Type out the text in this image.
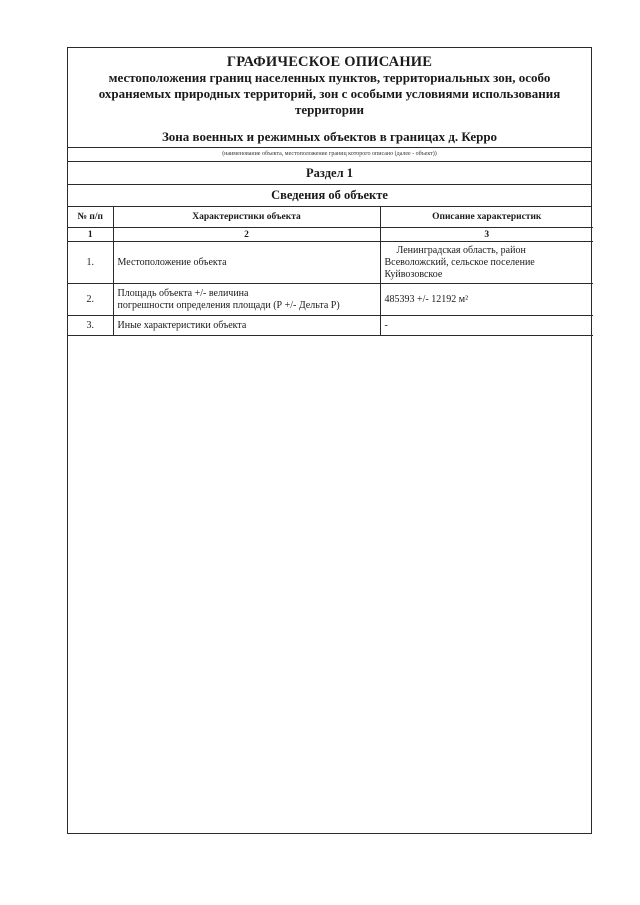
ГРАФИЧЕСКОЕ ОПИСАНИЕ
местоположения границ населенных пунктов, территориальных зон, особо
охраняемых природных территорий, зон с особыми условиями использования
территории
Зона военных и режимных объектов в границах д. Керро
(наименование объекта, местоположение границ которого описано (далее - объект))
Раздел 1
Сведения об объекте
№ п/п	Характеристики объекта	Описание характеристик
1	2	3
1.	Местоположение объекта	Ленинградская область, район
Всеволожский, сельское поселение
Куйвозовское

2.	Площадь объекта +/- величина
погрешности определения площади (Р +/- Дельта Р)	485393 +/- 12192 м²

3.	Иные характеристики объекта	-
